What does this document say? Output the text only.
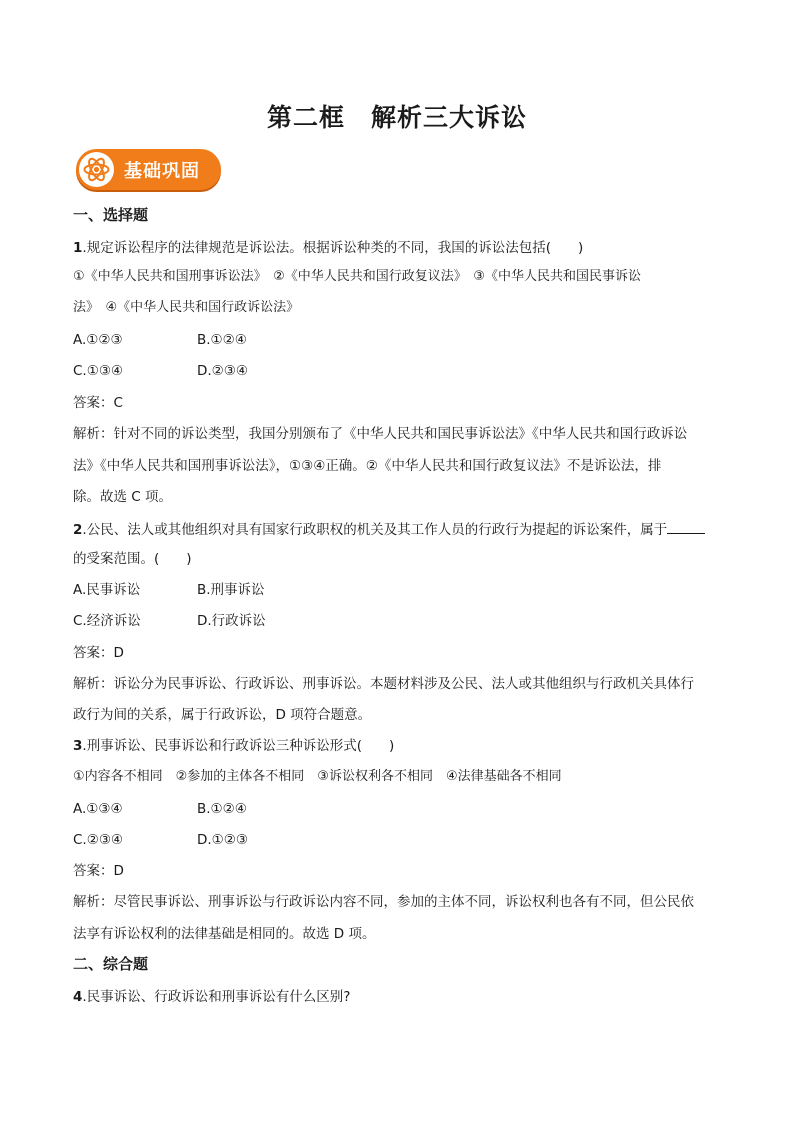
第二框　解析三大诉讼
基础巩固
一、选择题
1.规定诉讼程序的法律规范是诉讼法。根据诉讼种类的不同，我国的诉讼法包括(　　)
①《中华人民共和国刑事诉讼法》　②《中华人民共和国行政复议法》　③《中华人民共和国民事诉讼
法》　④《中华人民共和国行政诉讼法》
A.①②③	B.①②④
C.①③④	D.②③④
答案：C
解析：针对不同的诉讼类型，我国分别颁布了《中华人民共和国民事诉讼法》《中华人民共和国行政诉讼
法》《中华人民共和国刑事诉讼法》，①③④正确。②《中华人民共和国行政复议法》不是诉讼法，排
除。故选 C 项。
2.公民、法人或其他组织对具有国家行政职权的机关及其工作人员的行政行为提起的诉讼案件，属于
的受案范围。(　　)
A.民事诉讼	B.刑事诉讼
C.经济诉讼	D.行政诉讼
答案：D
解析：诉讼分为民事诉讼、行政诉讼、刑事诉讼。本题材料涉及公民、法人或其他组织与行政机关具体行
政行为间的关系，属于行政诉讼，D 项符合题意。
3.刑事诉讼、民事诉讼和行政诉讼三种诉讼形式(　　)
①内容各不相同　②参加的主体各不相同　③诉讼权利各不相同　④法律基础各不相同
A.①③④	B.①②④
C.②③④	D.①②③
答案：D
解析：尽管民事诉讼、刑事诉讼与行政诉讼内容不同，参加的主体不同，诉讼权利也各有不同，但公民依
法享有诉讼权利的法律基础是相同的。故选 D 项。
二、综合题
4.民事诉讼、行政诉讼和刑事诉讼有什么区别?
